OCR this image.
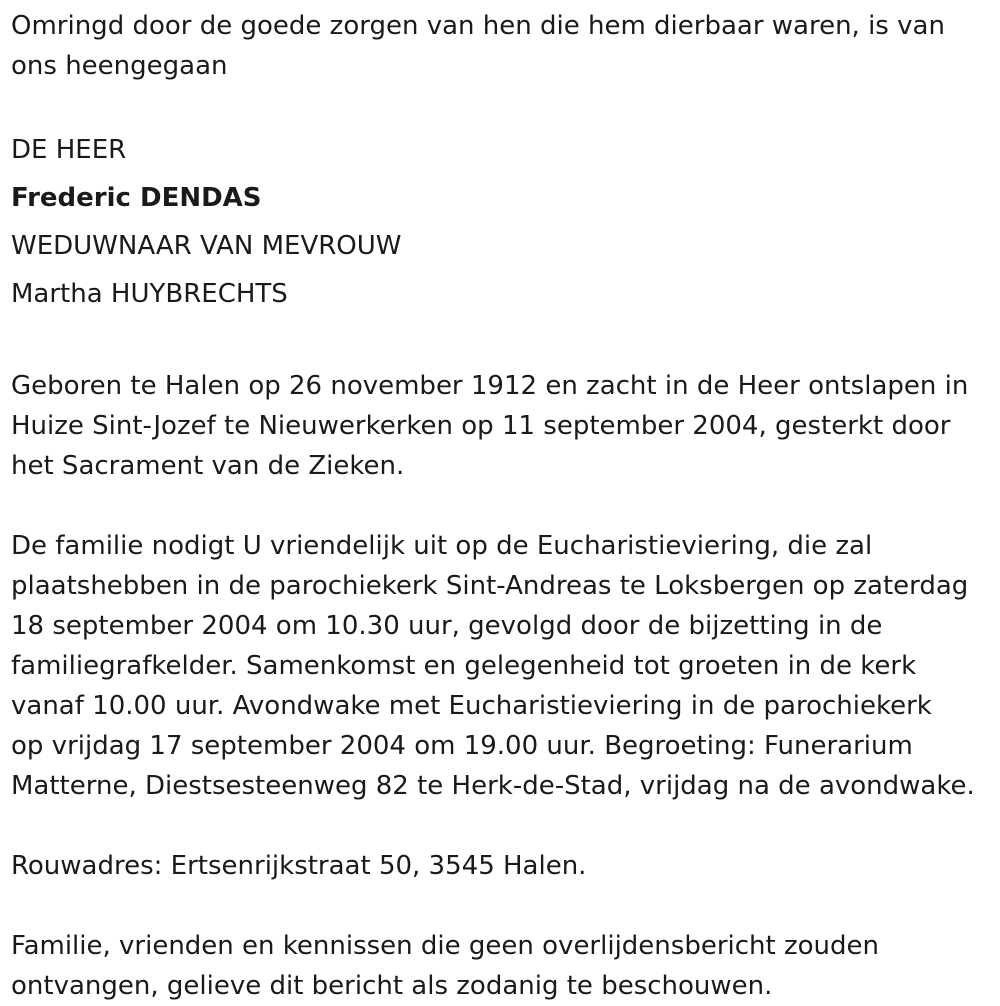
Omringd door de goede zorgen van hen die hem dierbaar waren, is van
ons heengegaan

DE HEER
Frederic DENDAS
WEDUWNAAR VAN MEVROUW
Martha HUYBRECHTS

Geboren te Halen op 26 november 1912 en zacht in de Heer ontslapen in
Huize Sint-Jozef te Nieuwerkerken op 11 september 2004, gesterkt door
het Sacrament van de Zieken.

De familie nodigt U vriendelijk uit op de Eucharistieviering, die zal
plaatshebben in de parochiekerk Sint-Andreas te Loksbergen op zaterdag
18 september 2004 om 10.30 uur, gevolgd door de bijzetting in de
familiegrafkelder. Samenkomst en gelegenheid tot groeten in de kerk
vanaf 10.00 uur. Avondwake met Eucharistieviering in de parochiekerk
op vrijdag 17 september 2004 om 19.00 uur. Begroeting: Funerarium
Matterne, Diestsesteenweg 82 te Herk-de-Stad, vrijdag na de avondwake.

Rouwadres: Ertsenrijkstraat 50, 3545 Halen.

Familie, vrienden en kennissen die geen overlijdensbericht zouden
ontvangen, gelieve dit bericht als zodanig te beschouwen.
